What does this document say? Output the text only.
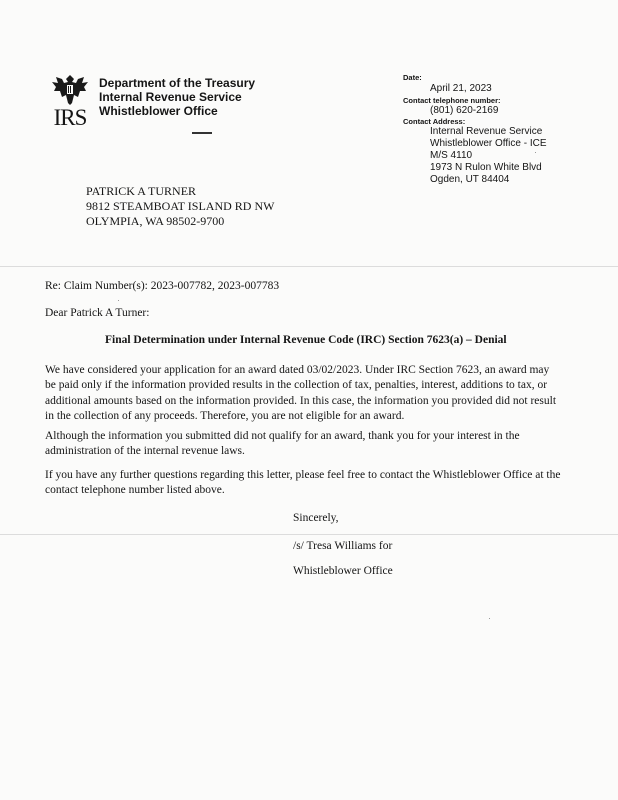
IRS
Department of the Treasury
Internal Revenue Service
Whistleblower Office
Date:
April 21, 2023
Contact telephone number:
(801) 620-2169
Contact Address:
Internal Revenue Service
Whistleblower Office - ICE
M/S 4110
1973 N Rulon White Blvd
Ogden, UT 84404
PATRICK A TURNER
9812 STEAMBOAT ISLAND RD NW
OLYMPIA, WA 98502-9700
Re: Claim Number(s): 2023-007782, 2023-007783
Dear Patrick A Turner:
Final Determination under Internal Revenue Code (IRC) Section 7623(a) – Denial
We have considered your application for an award dated 03/02/2023. Under IRC Section 7623, an award may
be paid only if the information provided results in the collection of tax, penalties, interest, additions to tax, or
additional amounts based on the information provided. In this case, the information you provided did not result
in the collection of any proceeds. Therefore, you are not eligible for an award.
Although the information you submitted did not qualify for an award, thank you for your interest in the
administration of the internal revenue laws.
If you have any further questions regarding this letter, please feel free to contact the Whistleblower Office at the
contact telephone number listed above.
Sincerely,
/s/ Tresa Williams for
Whistleblower Office
